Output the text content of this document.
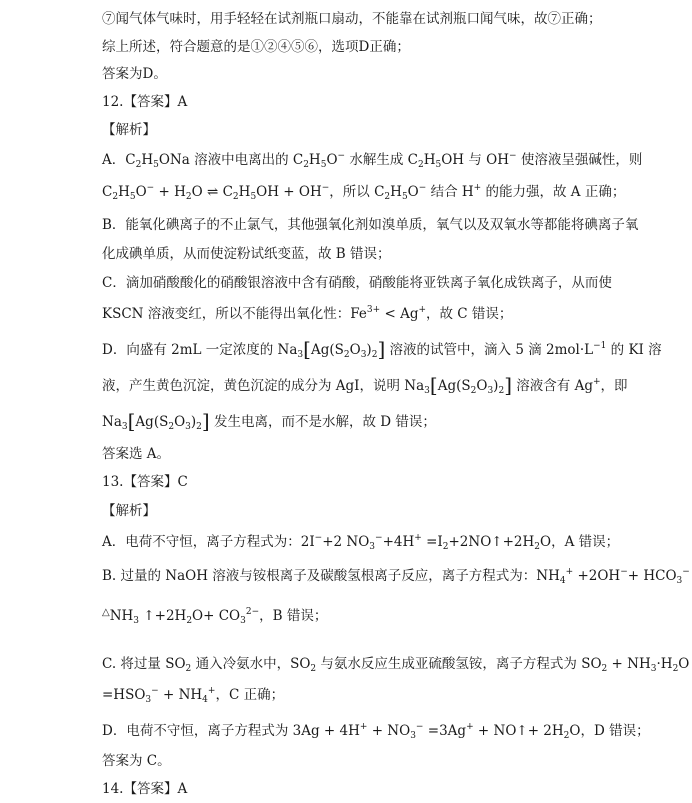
⑦闻气体气味时，用手轻轻在试剂瓶口扇动，不能靠在试剂瓶口闻气味，故⑦正确；
综上所述，符合题意的是①②④⑤⑥，选项D正确；
答案为D。
12.【答案】A
【解析】
A．$C_2H_5ONa$ 溶液中电离出的 $C_2H_5O^-$ 水解生成 $C_2H_5OH$ 与 OH− 使溶液呈强碱性，则
$C_2H_5O^- + H_2O$ ⇌ $C_2H_5OH + OH^-$，所以 $C_2H_5O^-$ 结合 H+ 的能力强，故 A 正确；
B．能氧化碘离子的不止氯气，其他强氧化剂如溴单质，氧气以及双氧水等都能将碘离子氧
化成碘单质，从而使淀粉试纸变蓝，故 B 错误；
C．滴加硝酸酸化的硝酸银溶液中含有硝酸，硝酸能将亚铁离子氧化成铁离子，从而使
KSCN 溶液变红，所以不能得出氧化性：$Fe^{3+} < Ag^+$，故 C 错误；
D．向盛有 2mL 一定浓度的 $Na_3[Ag(S_2O_3)_2]$ 溶液的试管中，滴入 5 滴 $2mol\cdot L^{-1}$ 的 KI 溶
液，产生黄色沉淀，黄色沉淀的成分为 AgI，说明 $Na_3[Ag(S_2O_3)_2]$ 溶液含有 Ag+，即
$Na_3[Ag(S_2O_3)_2]$ 发生电离，而不是水解，故 D 错误；
答案选 A。
13.【答案】C
【解析】
A．电荷不守恒，离子方程式为：2I−+2 $NO_3^-+4H^+$ $=I_2+2NO↑+2H_2O$，A 错误；
B. 过量的 NaOH 溶液与铵根离子及碳酸氢根离子反应，离子方程式为：$NH_4^+ +2OH^-+ HCO_3^-$
$\triangle NH_3$ $↑+2H_2O+ CO_3^{2-}$，B 错误；
C. 将过量 $SO_2$ 通入冷氨水中，$SO_2$ 与氨水反应生成亚硫酸氢铵，离子方程式为 $SO_2 + NH_3\cdot H_2O$
$=HSO_3^- + NH_4^+$，C 正确；
D．电荷不守恒，离子方程式为 $3Ag + 4H^+ + NO_3^- =3Ag^+$ + NO↑+ $2H_2O$，D 错误；
答案为 C。
14.【答案】A
